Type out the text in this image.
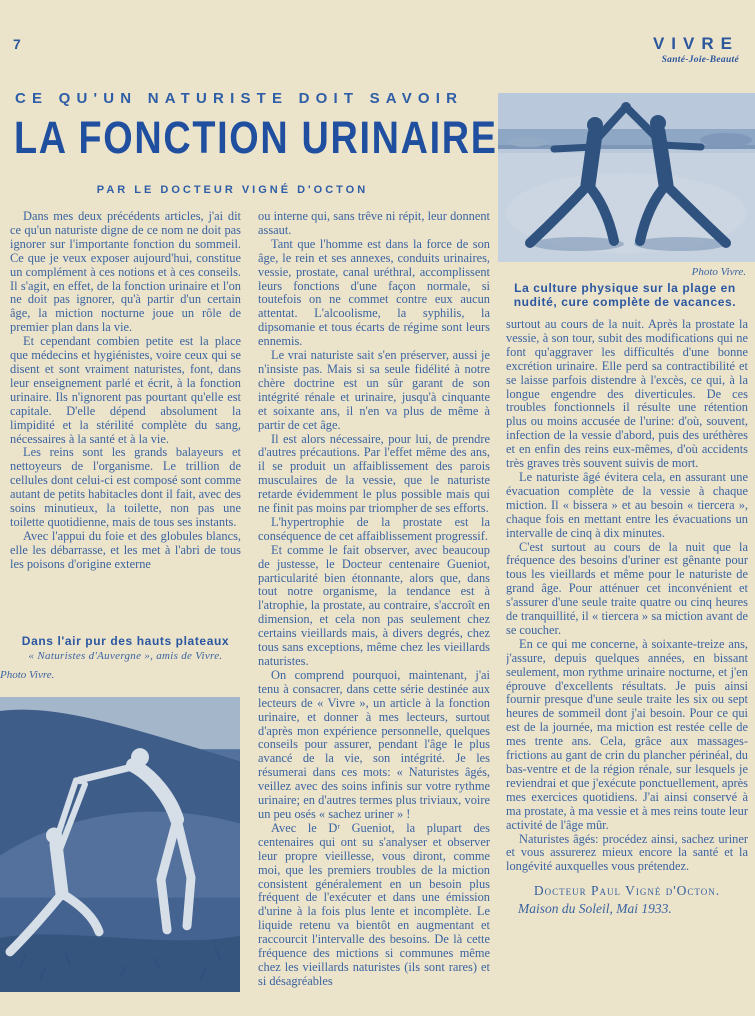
7	VIVRE
Santé-Joie-Beauté
CE QU'UN NATURISTE DOIT SAVOIR
LA FONCTION URINAIRE
PAR LE DOCTEUR VIGNÉ D'OCTON
Photo Vivre.
La culture physique sur la plage en nudité, cure complète de vacances.

Dans mes deux précédents articles, j'ai dit ce qu'un naturiste digne de ce nom ne doit pas ignorer sur l'importante fonction du sommeil. Ce que je veux exposer aujourd'hui, constitue un complément à ces notions et à ces conseils. Il s'agit, en effet, de la fonction urinaire et l'on ne doit pas ignorer, qu'à partir d'un certain âge, la miction nocturne joue un rôle de premier plan dans la vie.

Et cependant combien petite est la place que médecins et hygiénistes, voire ceux qui se disent et sont vraiment naturistes, font, dans leur enseignement parlé et écrit, à la fonction urinaire. Ils n'ignorent pas pourtant qu'elle est capitale. D'elle dépend absolument la limpidité et la stérilité complète du sang, nécessaires à la santé et à la vie.

Les reins sont les grands balayeurs et nettoyeurs de l'organisme. Le trillion de cellules dont celui-ci est composé sont comme autant de petits habitacles dont il fait, avec des soins minutieux, la toilette, non pas une toilette quotidienne, mais de tous ses instants.

Avec l'appui du foie et des globules blancs, elle les débarrasse, et les met à l'abri de tous les poisons d'origine externe

Dans l'air pur des hauts plateaux
« Naturistes d'Auvergne », amis de Vivre.
Photo Vivre.

ou interne qui, sans trêve ni répit, leur donnent assaut.

Tant que l'homme est dans la force de son âge, le rein et ses annexes, conduits urinaires, vessie, prostate, canal uréthral, accomplissent leurs fonctions d'une façon normale, si toutefois on ne commet contre eux aucun attentat. L'alcoolisme, la syphilis, la dipsomanie et tous écarts de régime sont leurs ennemis.

Le vrai naturiste sait s'en préserver, aussi je n'insiste pas. Mais si sa seule fidélité à notre chère doctrine est un sûr garant de son intégrité rénale et urinaire, jusqu'à cinquante et soixante ans, il n'en va plus de même à partir de cet âge.

Il est alors nécessaire, pour lui, de prendre d'autres précautions. Par l'effet même des ans, il se produit un affaiblissement des parois musculaires de la vessie, que le naturiste retarde évidemment le plus possible mais qui ne finit pas moins par triompher de ses efforts.

L'hypertrophie de la prostate est la conséquence de cet affaiblissement progressif.

Et comme le fait observer, avec beaucoup de justesse, le Docteur centenaire Gueniot, particularité bien étonnante, alors que, dans tout notre organisme, la tendance est à l'atrophie, la prostate, au contraire, s'accroît en dimension, et cela non pas seulement chez certains vieillards mais, à divers degrés, chez tous sans exceptions, même chez les vieillards naturistes.

On comprend pourquoi, maintenant, j'ai tenu à consacrer, dans cette série destinée aux lecteurs de « Vivre », un article à la fonction urinaire, et donner à mes lecteurs, surtout d'après mon expérience personnelle, quelques conseils pour assurer, pendant l'âge le plus avancé de la vie, son intégrité. Je les résumerai dans ces mots: « Naturistes âgés, veillez avec des soins infinis sur votre rythme urinaire; en d'autres termes plus triviaux, voire un peu osés « sachez uriner » !

Avec le Dʳ Gueniot, la plupart des centenaires qui ont su s'analyser et observer leur propre vieillesse, vous diront, comme moi, que les premiers troubles de la miction consistent généralement en un besoin plus fréquent de l'exécuter et dans une émission d'urine à la fois plus lente et incomplète. Le liquide retenu va bientôt en augmentant et raccourcit l'intervalle des besoins. De là cette fréquence des mictions si communes même chez les vieillards naturistes (ils sont rares) et si désagréables

surtout au cours de la nuit. Après la prostate la vessie, à son tour, subit des modifications qui ne font qu'aggraver les difficultés d'une bonne excrétion urinaire. Elle perd sa contractibilité et se laisse parfois distendre à l'excès, ce qui, à la longue engendre des diverticules. De ces troubles fonctionnels il résulte une rétention plus ou moins accusée de l'urine: d'où, souvent, infection de la vessie d'abord, puis des uréthères et en enfin des reins eux-mêmes, d'où accidents très graves très souvent suivis de mort.

Le naturiste âgé évitera cela, en assurant une évacuation complète de la vessie à chaque miction. Il « bissera » et au besoin « tiercera », chaque fois en mettant entre les évacuations un intervalle de cinq à dix minutes.

C'est surtout au cours de la nuit que la fréquence des besoins d'uriner est gênante pour tous les vieillards et même pour le naturiste de grand âge. Pour atténuer cet inconvénient et s'assurer d'une seule traite quatre ou cinq heures de tranquillité, il « tiercera » sa miction avant de se coucher.

En ce qui me concerne, à soixante-treize ans, j'assure, depuis quelques années, en bissant seulement, mon rythme urinaire nocturne, et j'en éprouve d'excellents résultats. Je puis ainsi fournir presque d'une seule traite les six ou sept heures de sommeil dont j'ai besoin. Pour ce qui est de la journée, ma miction est restée celle de mes trente ans. Cela, grâce aux massages-frictions au gant de crin du plancher périnéal, du bas-ventre et de la région rénale, sur lesquels je reviendrai et que j'exécute ponctuellement, après mes exercices quotidiens. J'ai ainsi conservé à ma prostate, à ma vessie et à mes reins toute leur activité de l'âge mûr.

Naturistes âgés: procédez ainsi, sachez uriner et vous assurerez mieux encore la santé et la longévité auxquelles vous prétendez.

Docteur Paul Vigné d'Octon.
Maison du Soleil, Mai 1933.
